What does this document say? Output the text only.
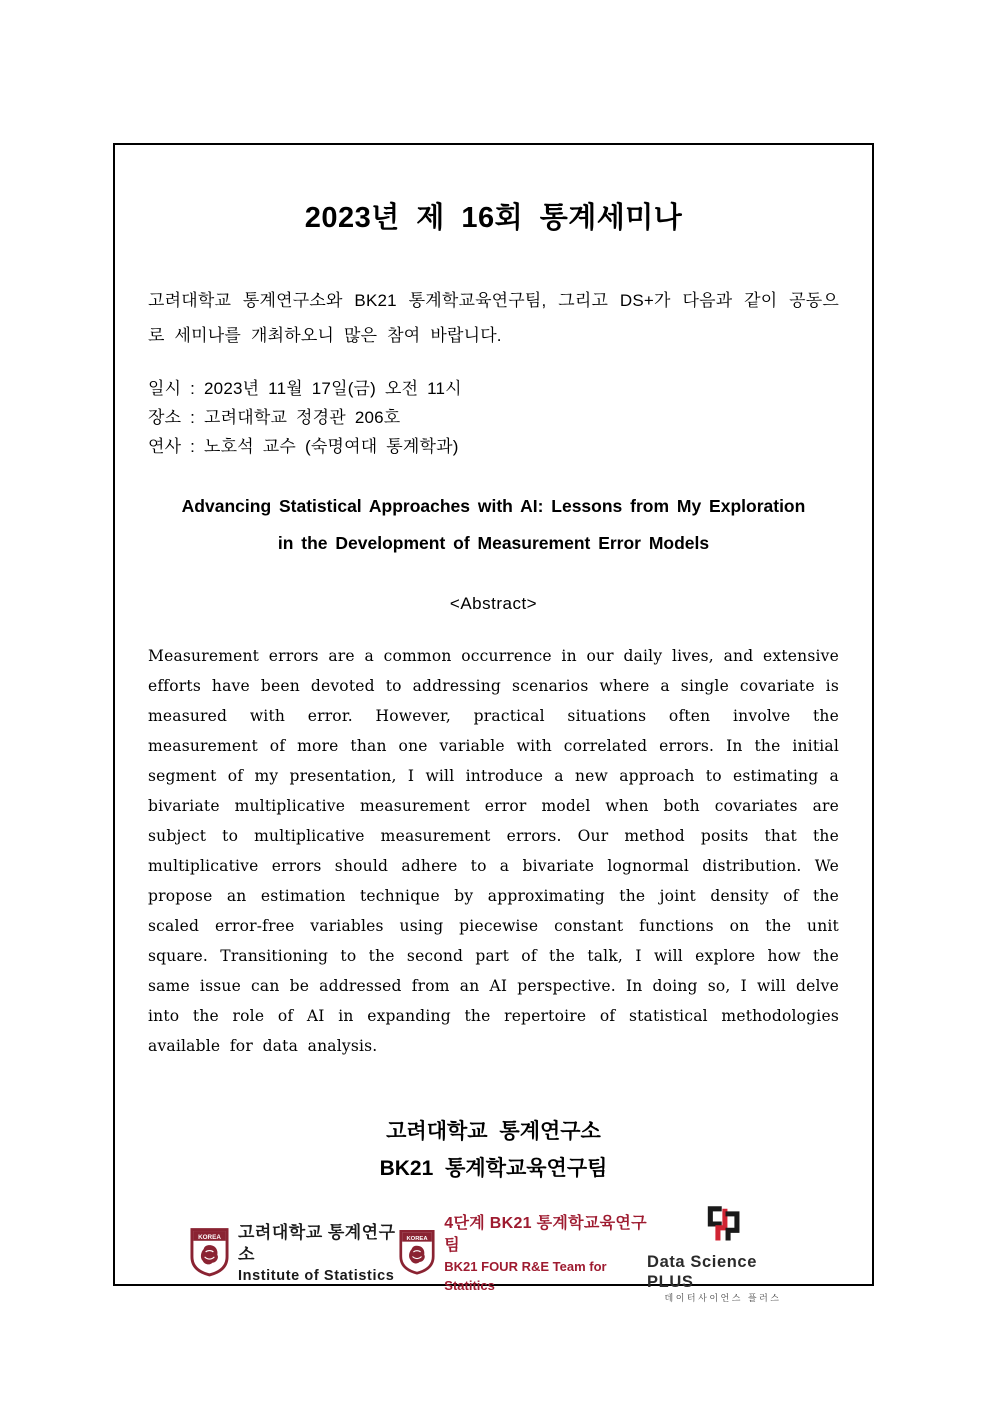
2023년 제 16회 통계세미나

고려대학교 통계연구소와 BK21 통계학교육연구팀, 그리고 DS+가 다음과 같이 공동으로 세미나를 개최하오니 많은 참여 바랍니다.

일시 : 2023년 11월 17일(금) 오전 11시

장소 : 고려대학교 정경관 206호

연사 : 노호석 교수 (숙명여대 통계학과)

Advancing Statistical Approaches with AI: Lessons from My Exploration
in the Development of Measurement Error Models

<Abstract>

Measurement errors are a common occurrence in our daily lives, and extensive efforts have been devoted to addressing scenarios where a single covariate is measured with error. However, practical situations often involve the measurement of more than one variable with correlated errors. In the initial segment of my presentation, I will introduce a new approach to estimating a bivariate multiplicative measurement error model when both covariates are subject to multiplicative measurement errors. Our method posits that the multiplicative errors should adhere to a bivariate lognormal distribution. We propose an estimation technique by approximating the joint density of the scaled error-free variables using piecewise constant functions on the unit square. Transitioning to the second part of the talk, I will explore how the same issue can be addressed from an AI perspective. In doing so, I will delve into the role of AI in expanding the repertoire of statistical methodologies available for data analysis.

고려대학교 통계연구소
BK21 통계학교육연구팀
KOREA 고려대학교 통계연구소
Institute of Statistics
KOREA
4단계 BK21 통계학교육연구팀
BK21 FOUR R&E Team for Statitics
Data Science PLUS
데이터사이언스 플러스
